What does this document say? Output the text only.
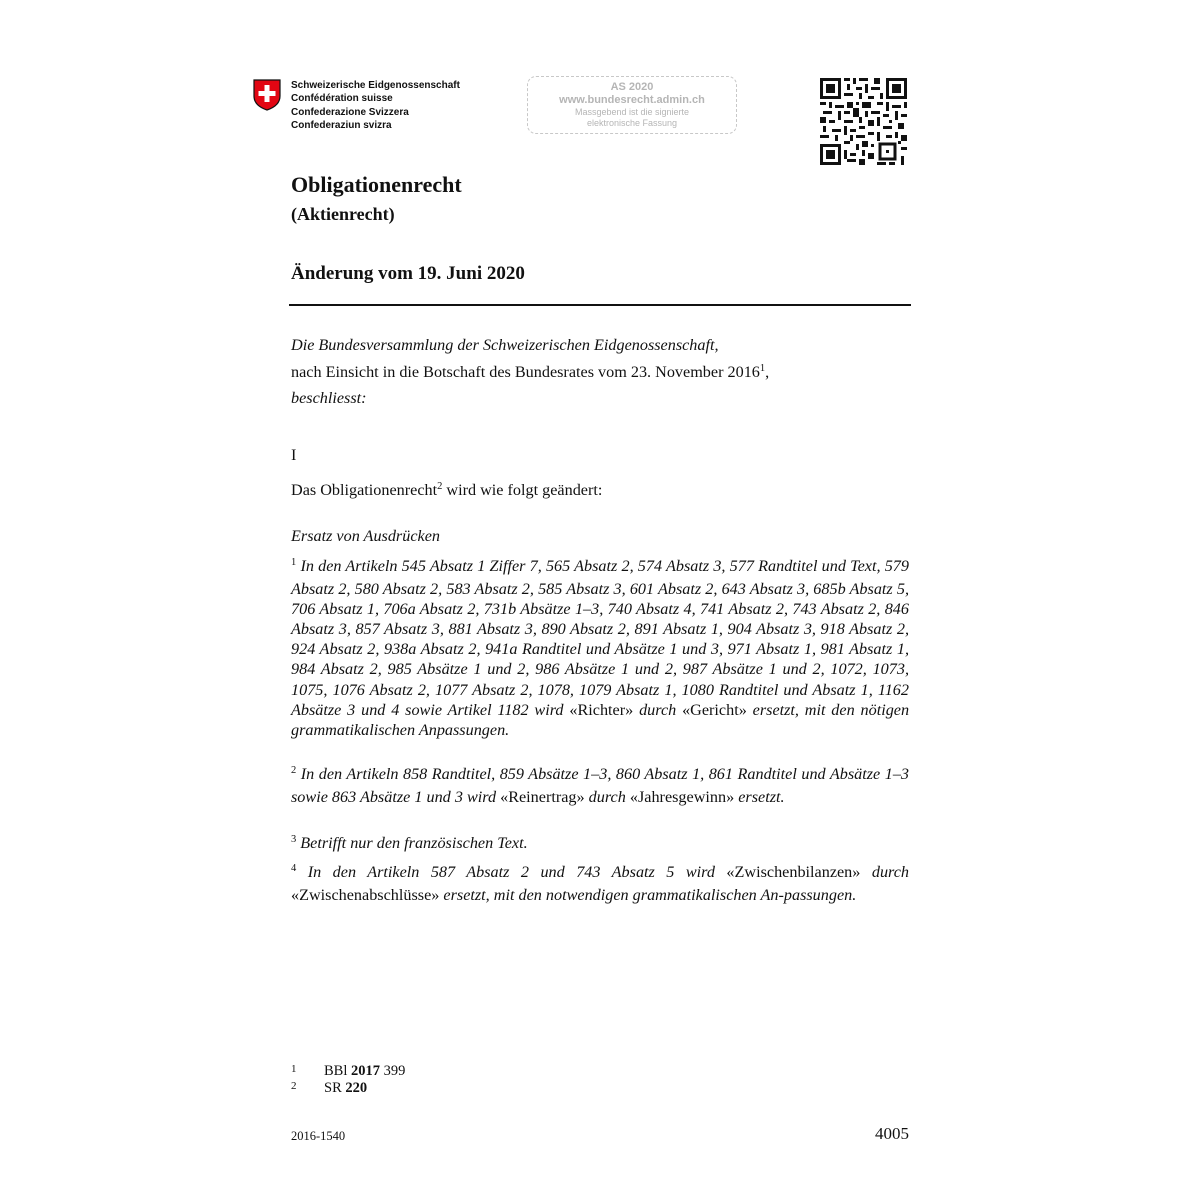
Schweizerische Eidgenossenschaft
Confédération suisse
Confederazione Svizzera
Confederaziun svizra
AS 2020
www.bundesrecht.admin.ch
Massgebend ist die signierte
elektronische Fassung
Obligationenrecht
(Aktienrecht)
Änderung vom 19. Juni 2020
Die Bundesversammlung der Schweizerischen Eidgenossenschaft,
nach Einsicht in die Botschaft des Bundesrates vom 23. November 2016$^1$,
beschliesst:
I
Das Obligationenrecht$^2$ wird wie folgt geändert:
Ersatz von Ausdrücken
$^1$ In den Artikeln 545 Absatz 1 Ziffer 7, 565 Absatz 2, 574 Absatz 3, 577 Randtitel und Text, 579 Absatz 2, 580 Absatz 2, 583 Absatz 2, 585 Absatz 3, 601 Absatz 2, 643 Absatz 3, 685b Absatz 5, 706 Absatz 1, 706a Absatz 2, 731b Absätze 1–3, 740 Absatz 4, 741 Absatz 2, 743 Absatz 2, 846 Absatz 3, 857 Absatz 3, 881 Absatz 3, 890 Absatz 2, 891 Absatz 1, 904 Absatz 3, 918 Absatz 2, 924 Absatz 2, 938a Absatz 2, 941a Randtitel und Absätze 1 und 3, 971 Absatz 1, 981 Absatz 1, 984 Absatz 2, 985 Absätze 1 und 2, 986 Absätze 1 und 2, 987 Absätze 1 und 2, 1072, 1073, 1075, 1076 Absatz 2, 1077 Absatz 2, 1078, 1079 Absatz 1, 1080 Randtitel und Absatz 1, 1162 Absätze 3 und 4 sowie Artikel 1182 wird «Richter» durch «Gericht» ersetzt, mit den nötigen grammatikalischen Anpassungen.
$^2$ In den Artikeln 858 Randtitel, 859 Absätze 1–3, 860 Absatz 1, 861 Randtitel und Absätze 1–3 sowie 863 Absätze 1 und 3 wird «Reinertrag» durch «Jahresgewinn» ersetzt.
$^3$ Betrifft nur den französischen Text.
$^4$ In den Artikeln 587 Absatz 2 und 743 Absatz 5 wird «Zwischenbilanzen» durch «Zwischenabschlüsse» ersetzt, mit den notwendigen grammatikalischen An-passungen.
1 BBl 2017 399
2 SR 220
2016-1540	4005
